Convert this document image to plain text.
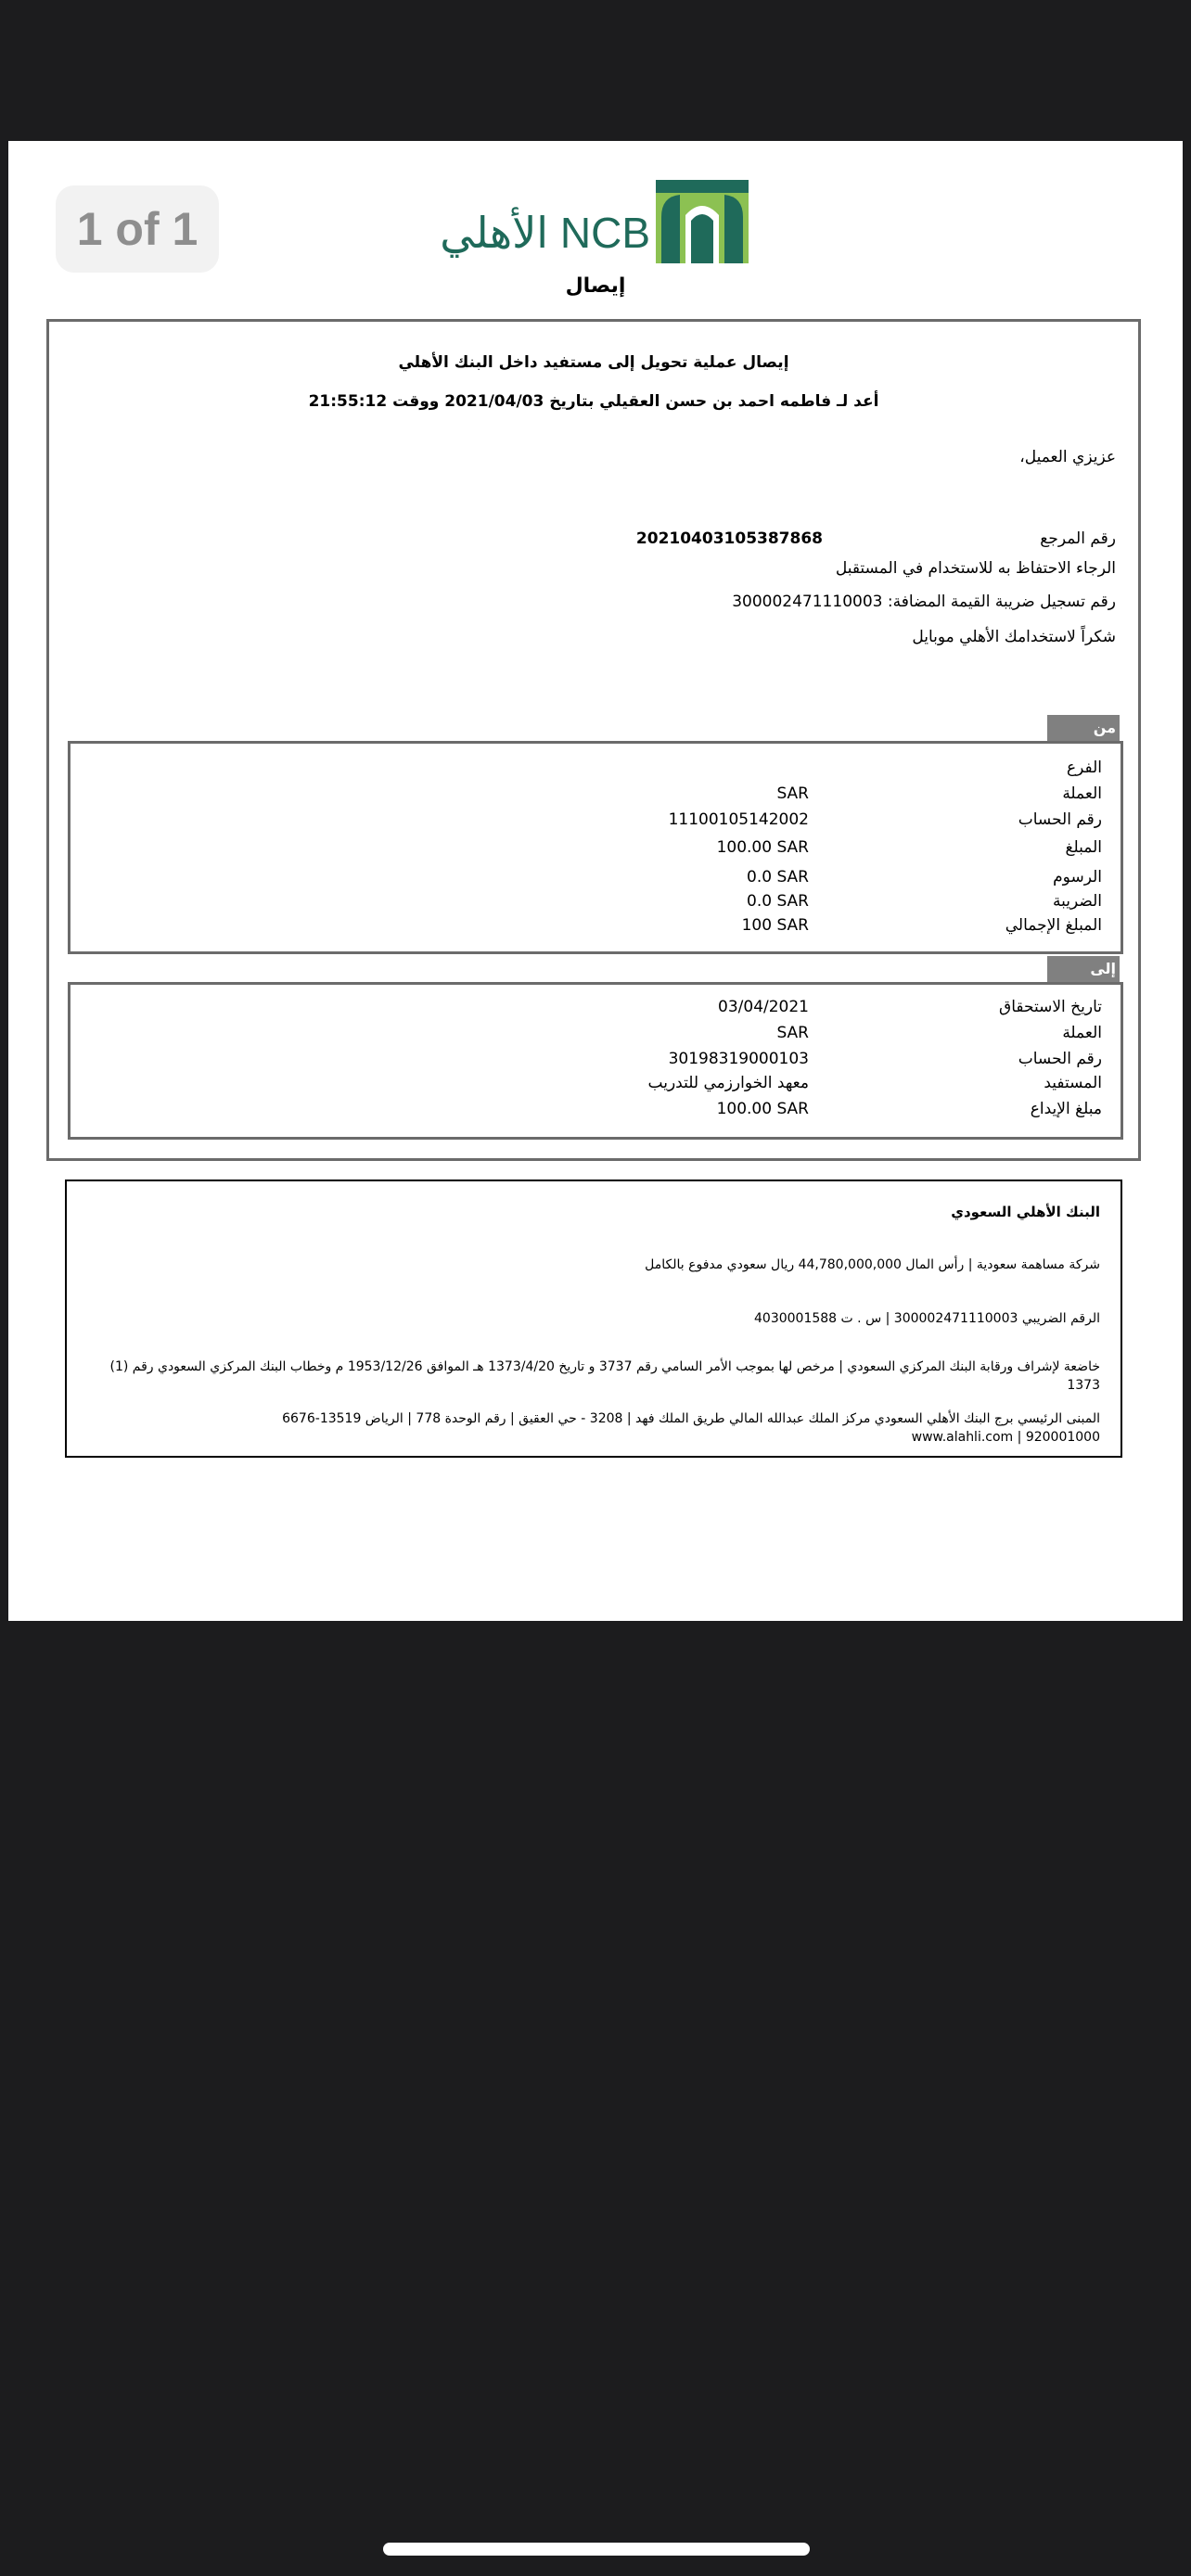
1 of 1	NCB الأهلي
إيصال
إيصال عملية تحويل إلى مستفيد داخل البنك الأهلي
أعد لـ فاطمه احمد بن حسن العقيلي بتاريخ 2021/04/03 ووقت 21:55:12
عزيزي العميل،
رقم المرجع
20210403105387868
الرجاء الاحتفاظ به للاستخدام في المستقبل
رقم تسجيل ضريبة القيمة المضافة: 300002471110003
شكراً لاستخدامك الأهلي موبايل
من
الفرع
العملة
SAR
رقم الحساب
11100105142002
المبلغ
100.00 SAR
الرسوم
0.0 SAR
الضريبة
0.0 SAR
المبلغ الإجمالي
100 SAR
إلى
تاريخ الاستحقاق
03/04/2021
العملة
SAR
رقم الحساب
30198319000103
المستفيد
معهد الخوارزمي للتدريب
مبلغ الإيداع
100.00 SAR
البنك الأهلي السعودي
شركة مساهمة سعودية | رأس المال 44,780,000,000 ريال سعودي مدفوع بالكامل
الرقم الضريبي 300002471110003 | س . ت 4030001588
خاضعة لإشراف ورقابة البنك المركزي السعودي | مرخص لها بموجب الأمر السامي رقم 3737 و تاريخ 1373/4/20 هـ الموافق 1953/12/26 م وخطاب البنك المركزي السعودي رقم (1) 1373
المبنى الرئيسي برج البنك الأهلي السعودي مركز الملك عبدالله المالي طريق الملك فهد | 3208 - حي العقيق | رقم الوحدة 778 | الرياض 13519-6676
920001000 | www.alahli.com
